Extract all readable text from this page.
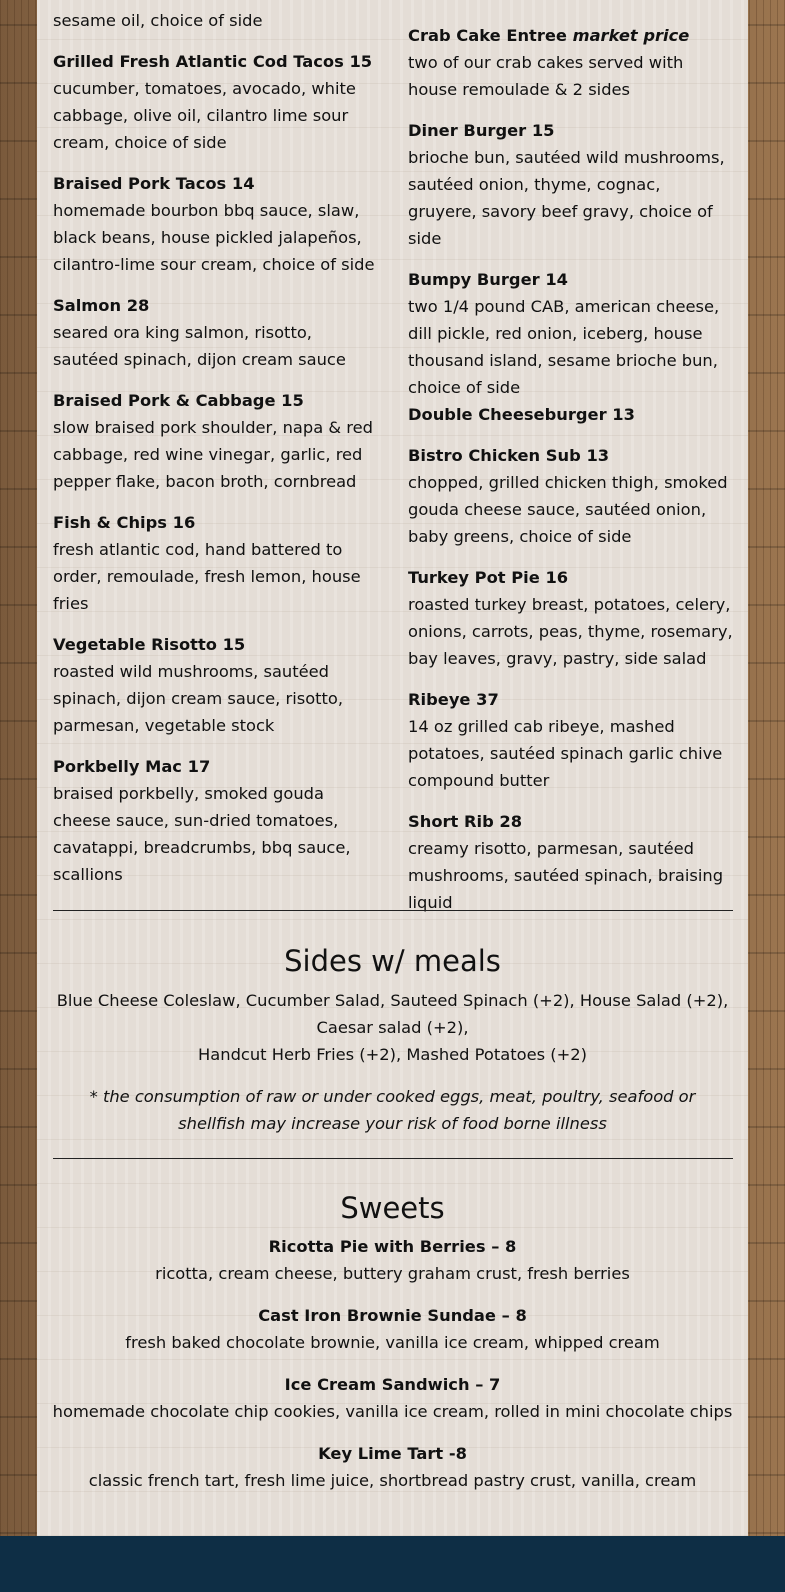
sesame oil, choice of side
Grilled Fresh Atlantic Cod Tacos 15
cucumber, tomatoes, avocado, white cabbage, olive oil, cilantro lime sour cream, choice of side
Braised Pork Tacos 14
homemade bourbon bbq sauce, slaw, black beans, house pickled jalapeños, cilantro-lime sour cream, choice of side
Salmon 28
seared ora king salmon, risotto, sautéed spinach, dijon cream sauce
Braised Pork & Cabbage 15
slow braised pork shoulder, napa & red cabbage, red wine vinegar, garlic, red pepper flake, bacon broth, cornbread
Fish & Chips 16
fresh atlantic cod, hand battered to order, remoulade, fresh lemon, house fries
Vegetable Risotto 15
roasted wild mushrooms, sautéed spinach, dijon cream sauce, risotto, parmesan, vegetable stock
Porkbelly Mac 17
braised porkbelly, smoked gouda cheese sauce, sun-dried tomatoes, cavatappi, breadcrumbs, bbq sauce, scallions
Crab Cake Entree market price
two of our crab cakes served with house remoulade & 2 sides
Diner Burger 15
brioche bun, sautéed wild mushrooms, sautéed onion, thyme, cognac, gruyere, savory beef gravy, choice of side
Bumpy Burger 14
two 1/4 pound CAB, american cheese, dill pickle, red onion, iceberg, house thousand island, sesame brioche bun, choice of side
Double Cheeseburger 13
Bistro Chicken Sub 13
chopped, grilled chicken thigh, smoked gouda cheese sauce, sautéed onion, baby greens, choice of side
Turkey Pot Pie 16
roasted turkey breast, potatoes, celery, onions, carrots, peas, thyme, rosemary, bay leaves, gravy, pastry, side salad
Ribeye 37
14 oz grilled cab ribeye, mashed potatoes, sautéed spinach garlic chive compound butter
Short Rib 28
creamy risotto, parmesan, sautéed mushrooms, sautéed spinach, braising liquid
Sides w/ meals
Blue Cheese Coleslaw, Cucumber Salad, Sauteed Spinach (+2), House Salad (+2), Caesar salad (+2),
Handcut Herb Fries (+2), Mashed Potatoes (+2)
* the consumption of raw or under cooked eggs, meat, poultry, seafood or shellfish may increase your risk of food borne illness
Sweets
Ricotta Pie with Berries – 8
ricotta, cream cheese, buttery graham crust, fresh berries
Cast Iron Brownie Sundae – 8
fresh baked chocolate brownie, vanilla ice cream, whipped cream
Ice Cream Sandwich – 7
homemade chocolate chip cookies, vanilla ice cream, rolled in mini chocolate chips
Key Lime Tart -8
classic french tart, fresh lime juice, shortbread pastry crust, vanilla, cream
